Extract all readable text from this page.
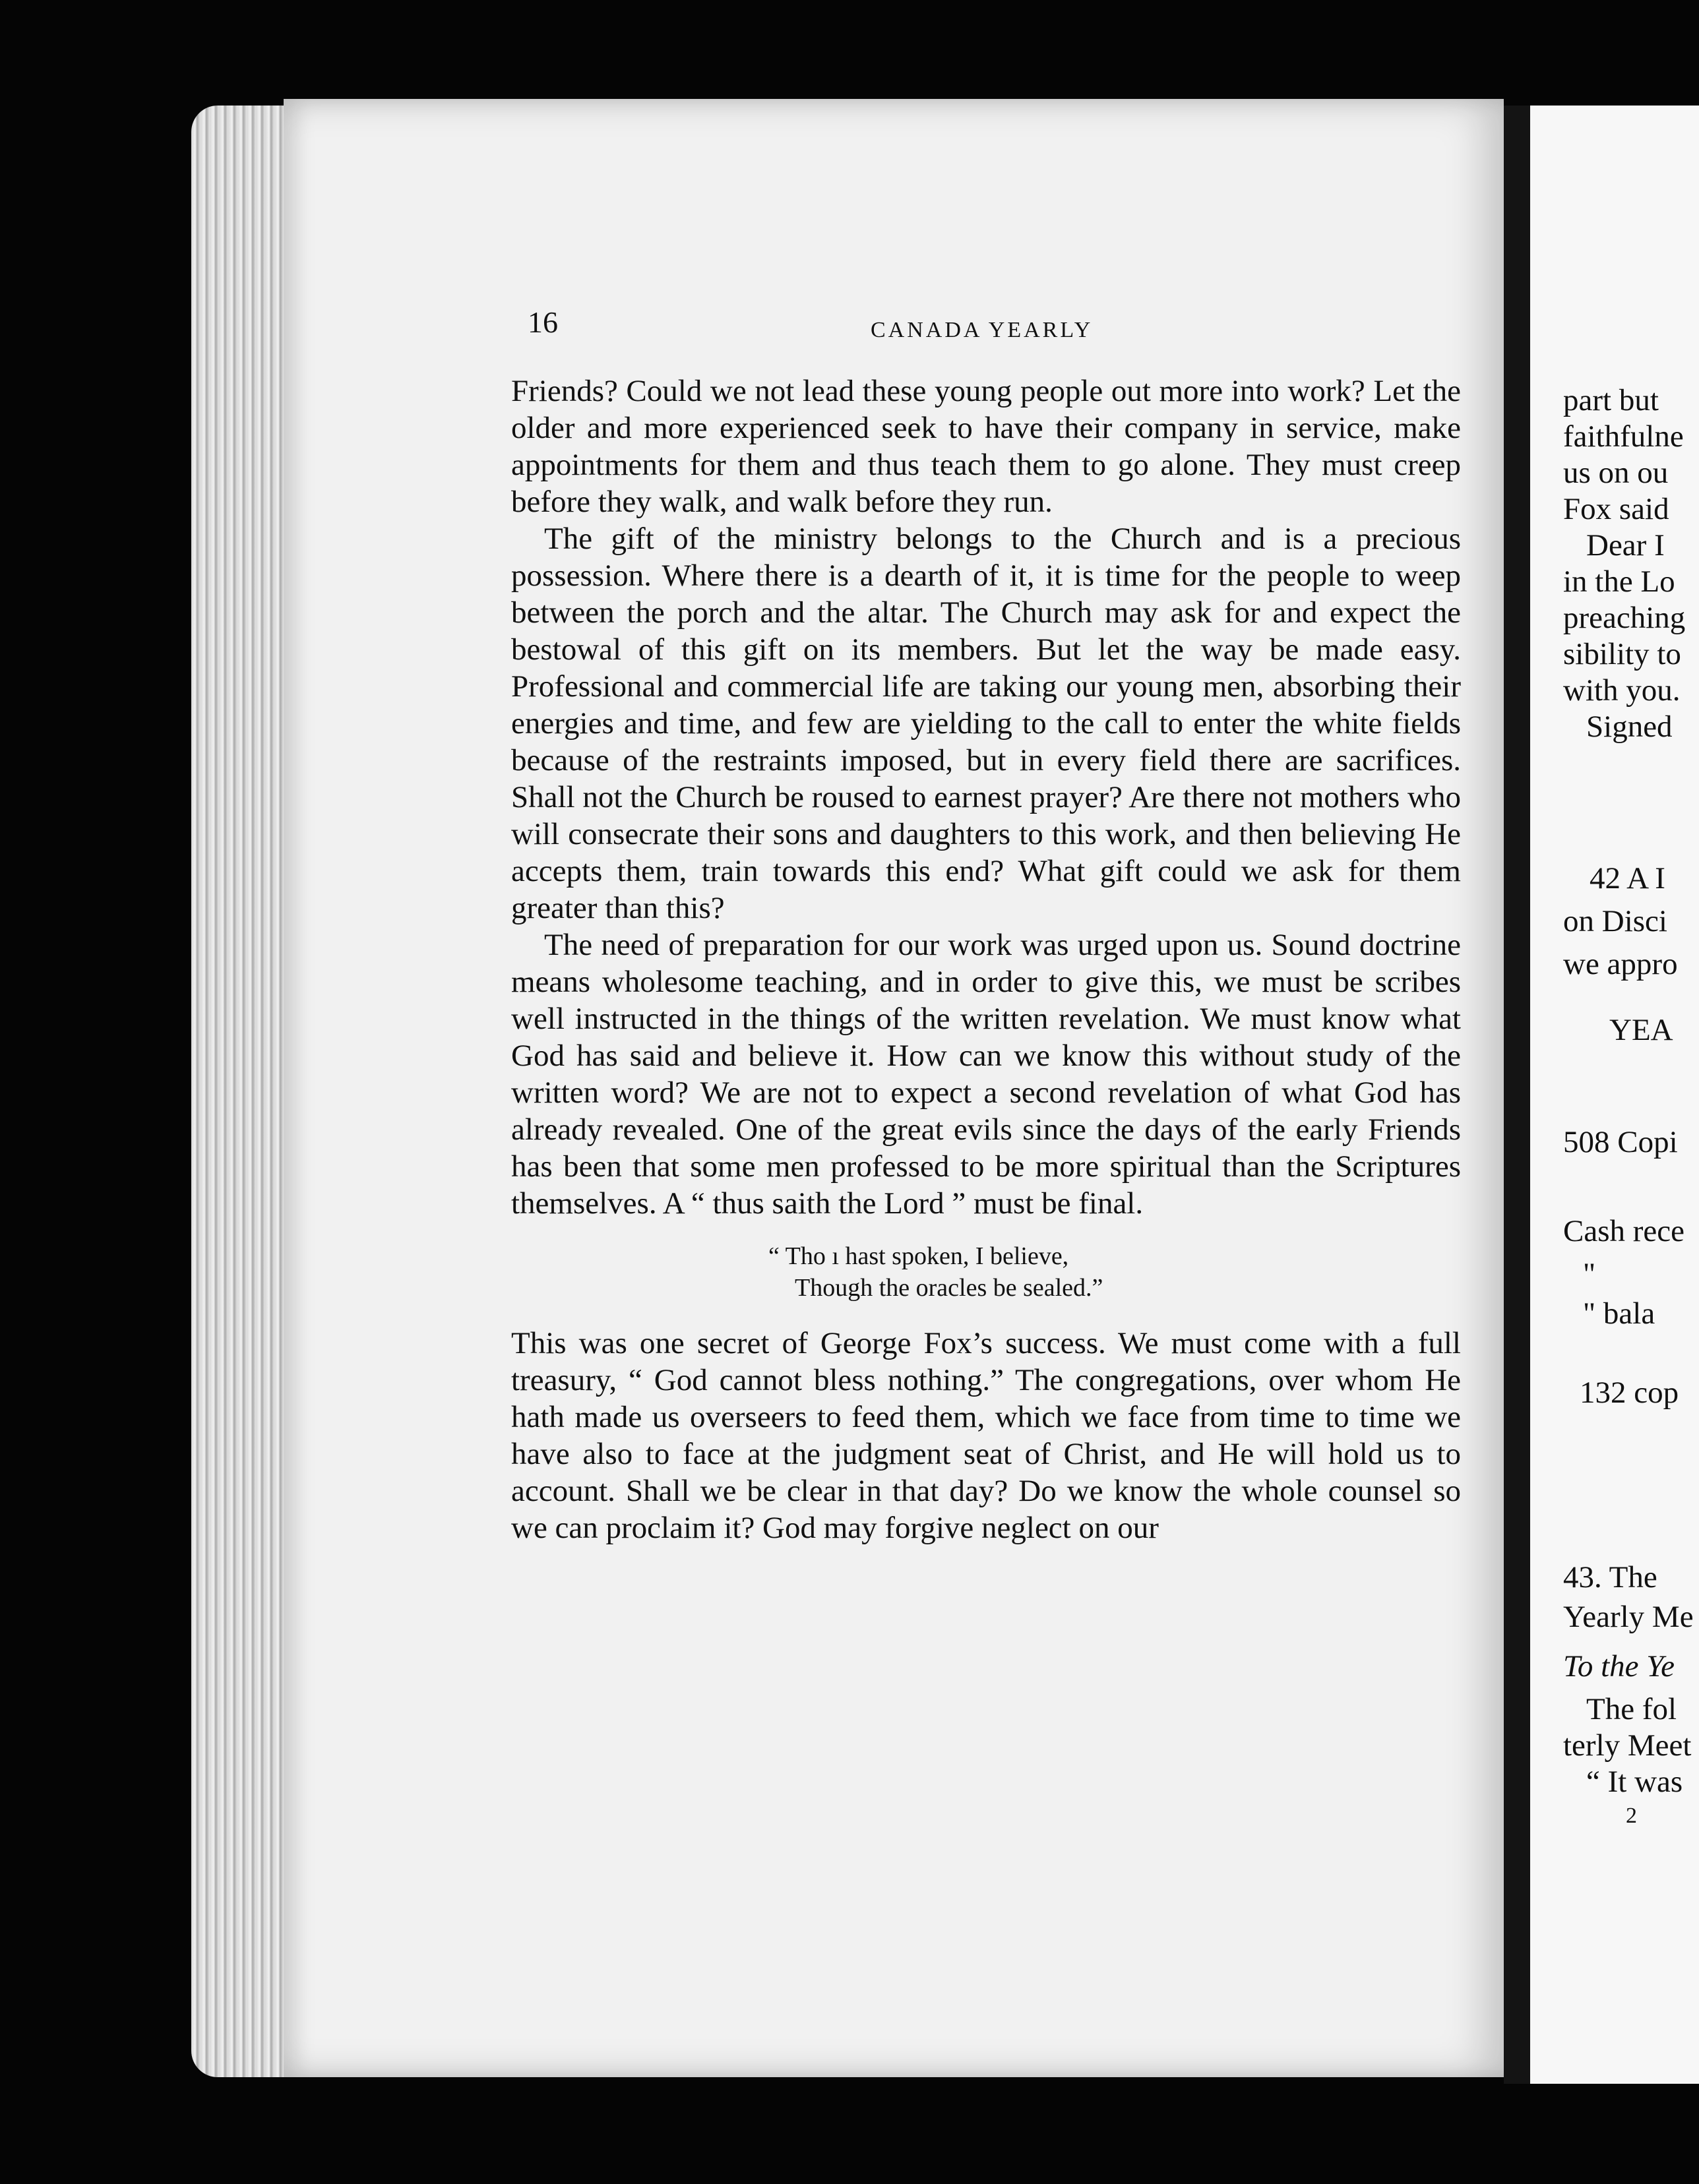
16	CANADA YEARLY

Friends? Could we not lead these young people out more into work? Let the older and more experienced seek to have their company in service, make appointments for them and thus teach them to go alone. They must creep before they walk, and walk before they run.

The gift of the ministry belongs to the Church and is a precious possession. Where there is a dearth of it, it is time for the people to weep between the porch and the altar. The Church may ask for and expect the bestowal of this gift on its members. But let the way be made easy. Professional and commercial life are taking our young men, absorbing their energies and time, and few are yielding to the call to enter the white fields because of the restraints imposed, but in every field there are sacrifices. Shall not the Church be roused to earnest prayer? Are there not mothers who will consecrate their sons and daughters to this work, and then believing He accepts them, train towards this end? What gift could we ask for them greater than this?

The need of preparation for our work was urged upon us. Sound doctrine means wholesome teaching, and in order to give this, we must be scribes well instructed in the things of the written revelation. We must know what God has said and believe it. How can we know this without study of the written word? We are not to expect a second revelation of what God has already revealed. One of the great evils since the days of the early Friends has been that some men professed to be more spiritual than the Scriptures themselves. A “ thus saith the Lord ” must be final.

“ Tho ı hast spoken, I believe,
Though the oracles be sealed.”

This was one secret of George Fox’s success. We must come with a full treasury, “ God cannot bless nothing.” The congregations, over whom He hath made us overseers to feed them, which we face from time to time we have also to face at the judgment seat of Christ, and He will hold us to account. Shall we be clear in that day? Do we know the whole counsel so we can proclaim it? God may forgive neglect on our

part but
faithfulne
us on ou
Fox said
Dear I
in the Lo
preaching
sibility to
with you.
Signed
42 A I
on Disci
we appro
YEA
508 Copi
Cash rece
"
" bala
132 cop
43. The
Yearly Me
To the Ye
The fol
terly Meet
“ It was
2
